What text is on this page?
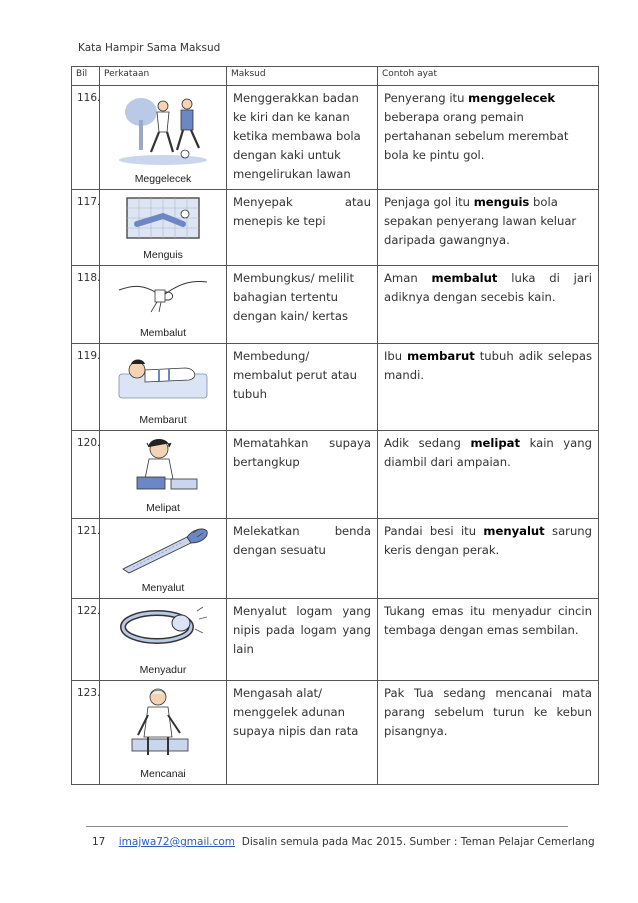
Kata Hampir Sama Maksud
Bil	Perkataan	Maksud	Contoh ayat
116.	Meggelecek	Menggerakkan badan ke kiri dan ke kanan ketika membawa bola dengan kaki untuk mengelirukan lawan	Penyerang itu menggelecek beberapa orang pemain pertahanan sebelum merembat bola ke pintu gol.
117.	Menguis	Menyepak atau menepis ke tepi	Penjaga gol itu menguis bola sepakan penyerang lawan keluar daripada gawangnya.
118.	Membalut	Membungkus/ melilit bahagian tertentu dengan kain/ kertas	Aman membalut luka di jari adiknya dengan secebis kain.
119.	Membarut	Membedung/ membalut perut atau tubuh	Ibu membarut tubuh adik selepas mandi.
120.	Melipat	Mematahkan supaya bertangkup	Adik sedang melipat kain yang diambil dari ampaian.
121.	Menyalut	Melekatkan benda dengan sesuatu	Pandai besi itu menyalut sarung keris dengan perak.
122.	Menyadur	Menyalut logam yang nipis pada logam yang lain	Tukang emas itu menyadur cincin tembaga dengan emas sembilan.
123.	Mencanai	Mengasah alat/ menggelek adunan supaya nipis dan rata	Pak Tua sedang mencanai mata parang sebelum turun ke kebun pisangnya.
17 imajwa72@gmail.com Disalin semula pada Mac 2015. Sumber : Teman Pelajar Cemerlang
